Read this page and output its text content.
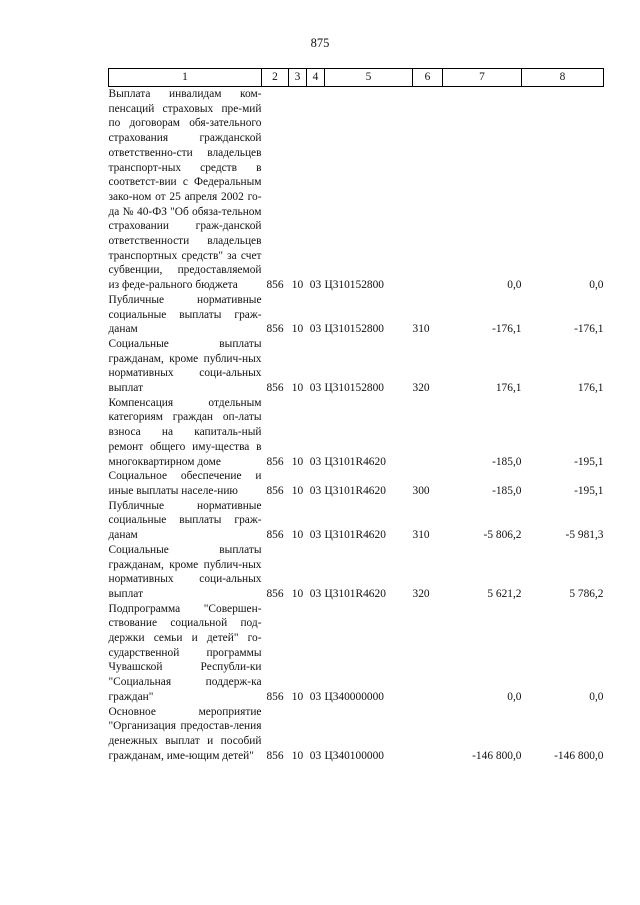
875
1	2	3	4	5	6	7	8
Выплата инвалидам ком-пенсаций страховых пре-мий по договорам обя-зательного страхования гражданской ответственно-сти владельцев транспорт-ных средств в соответст-вии с Федеральным зако-ном от 25 апреля 2002 го-да № 40-ФЗ "Об обяза-тельном страховании граж-данской ответственности владельцев транспортных средств" за счет субвенции, предоставляемой из феде-рального бюджета	856	10	03	Ц310152800		0,0	0,0
Публичные нормативные социальные выплаты граж-данам	856	10	03	Ц310152800	310	-176,1	-176,1
Социальные выплаты гражданам, кроме публич-ных нормативных соци-альных выплат	856	10	03	Ц310152800	320	176,1	176,1
Компенсация отдельным категориям граждан оп-латы взноса на капиталь-ный ремонт общего иму-щества в многоквартирном доме	856	10	03	Ц3101R4620		-185,0	-195,1
Социальное обеспечение и иные выплаты населе-нию	856	10	03	Ц3101R4620	300	-185,0	-195,1
Публичные нормативные социальные выплаты граж-данам	856	10	03	Ц3101R4620	310	-5 806,2	-5 981,3
Социальные выплаты гражданам, кроме публич-ных нормативных соци-альных выплат	856	10	03	Ц3101R4620	320	5 621,2	5 786,2
Подпрограмма "Совершен-ствование социальной под-держки семьи и детей" го-сударственной программы Чувашской Республи-ки "Социальная поддерж-ка граждан"	856	10	03	Ц340000000		0,0	0,0
Основное мероприятие "Организация предостав-ления денежных выплат и пособий гражданам, име-ющим детей"	856	10	03	Ц340100000		-146 800,0	-146 800,0
